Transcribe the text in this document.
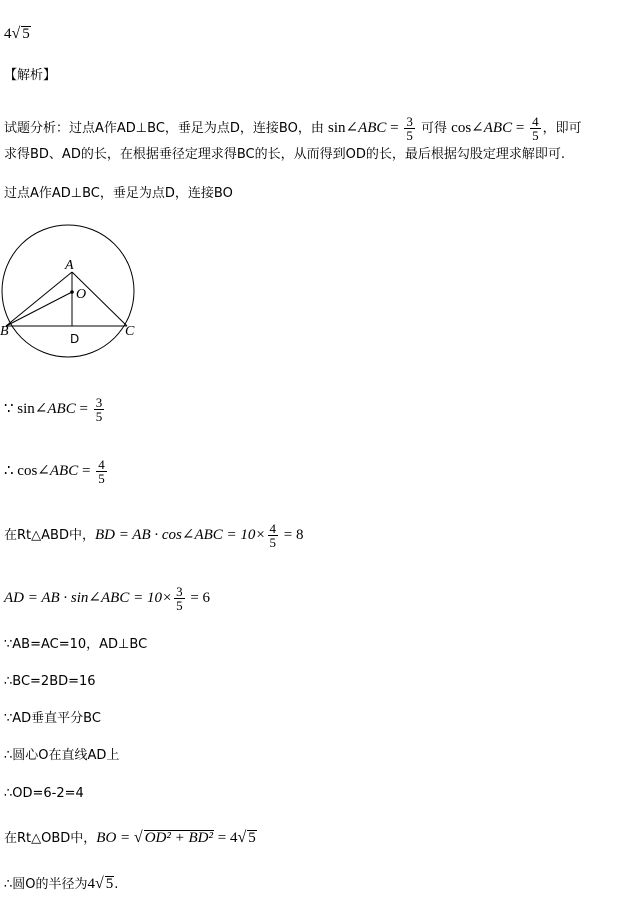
4√ 5
【解析】
试题分析：过点A作AD⊥BC，垂足为点D，连接BO，由 sin∠ABC = $\frac{3}{5}$ 可得 cos∠ABC = $\frac{4}{5}$ ，即可
求得BD、AD的长，在根据垂径定理求得BC的长，从而得到OD的长，最后根据勾股定理求解即可.
过点A作AD⊥BC，垂足为点D，连接BO
A
O
B	C
D
∵ sin∠ABC = $\frac{3}{5}$
∴ cos∠ABC = $\frac{4}{5}$
在Rt△ABD中，BD = AB · cos∠ABC = $10\times \frac{4}{5} = 8$
AD = AB · sin∠ABC = $10\times \frac{3}{5} = 6$
∵AB=AC=10，AD⊥BC
∴BC=2BD=16
∵AD垂直平分BC
∴圆心O在直线AD上
∴OD=6-2=4
在Rt△OBD中，BO = √ OD² + BD² = 4√ 5
∴圆O的半径为4√ 5.
